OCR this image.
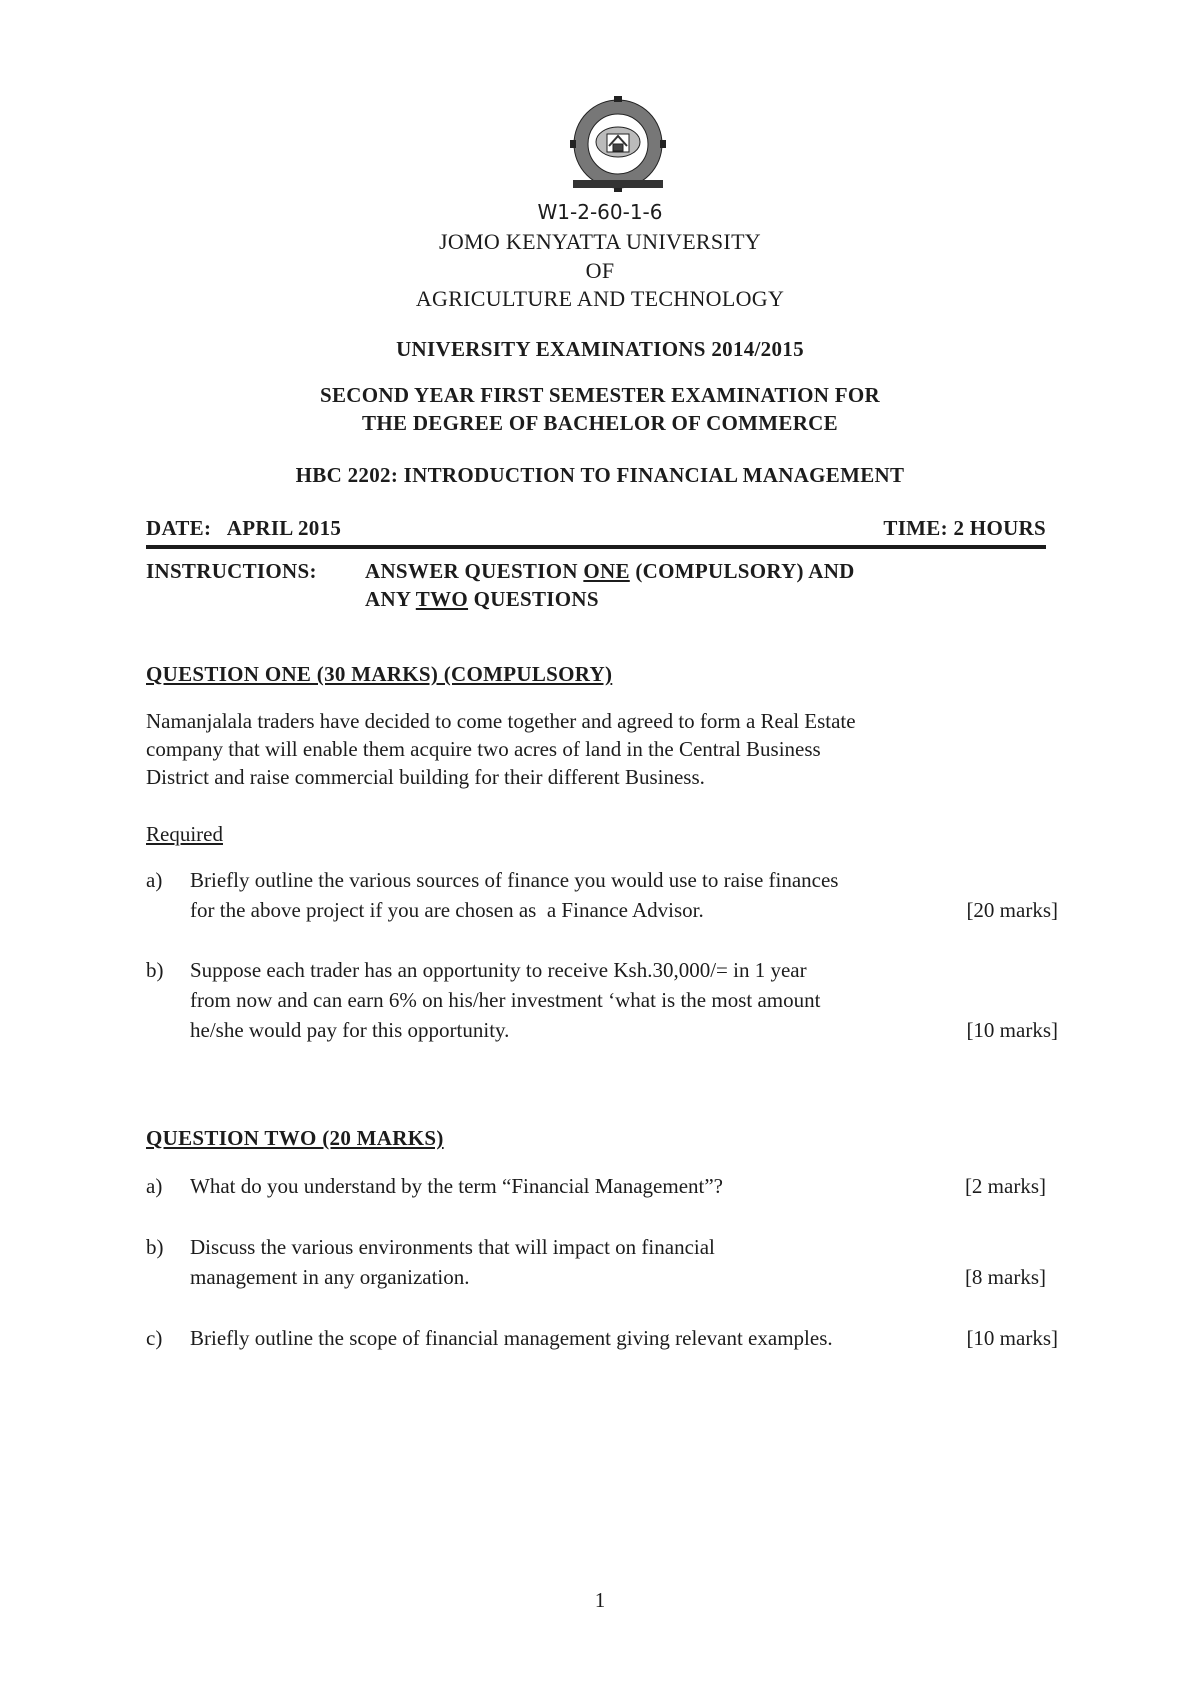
W1-2-60-1-6
JOMO KENYATTA UNIVERSITY
OF
AGRICULTURE AND TECHNOLOGY
UNIVERSITY EXAMINATIONS 2014/2015
SECOND YEAR FIRST SEMESTER EXAMINATION FOR
THE DEGREE OF BACHELOR OF COMMERCE
HBC 2202: INTRODUCTION TO FINANCIAL MANAGEMENT
DATE:   APRIL 2015	TIME: 2 HOURS
INSTRUCTIONS: ANSWER QUESTION ONE (COMPULSORY) AND
ANY TWO QUESTIONS
QUESTION ONE (30 MARKS) (COMPULSORY)
Namanjalala traders have decided to come together and agreed to form a Real Estate
company that will enable them acquire two acres of land in the Central Business
District and raise commercial building for their different Business.
Required
a) Briefly outline the various sources of finance you would use to raise finances
for the above project if you are chosen as  a Finance Advisor.	[20 marks]
b) Suppose each trader has an opportunity to receive Ksh.30,000/= in 1 year
from now and can earn 6% on his/her investment ‘what is the most amount
he/she would pay for this opportunity.	[10 marks]
QUESTION TWO (20 MARKS)
a) What do you understand by the term “Financial Management”?	[2 marks]
b) Discuss the various environments that will impact on financial
management in any organization.	[8 marks]
c) Briefly outline the scope of financial management giving relevant examples.	[10 marks]
1
